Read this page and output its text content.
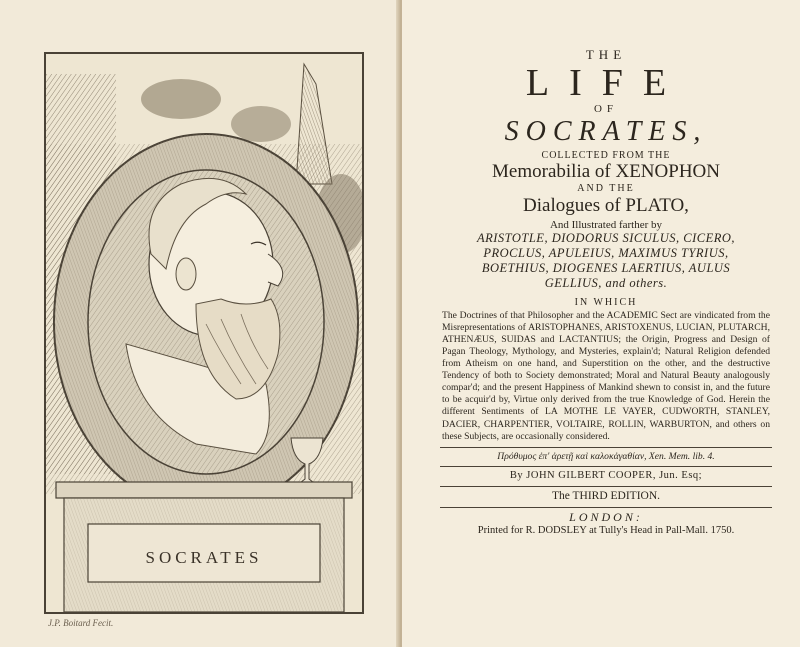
SOCRATES
J.P. Boitard Fecit.

THE

LIFE

OF

SOCRATES,

COLLECTED FROM THE

Memorabilia of XENOPHON

AND THE

Dialogues of PLATO,

And Illustrated farther by

ARISTOTLE, DIODORUS SICULUS, CICERO,

PROCLUS, APULEIUS, MAXIMUS TYRIUS,

BOETHIUS, DIOGENES LAERTIUS, AULUS

GELLIUS, and others.

IN WHICH

The Doctrines of that Philosopher and the ACADEMIC Sect are vindicated from the Misrepresentations of ARISTOPHANES, ARISTOXENUS, LUCIAN, PLUTARCH, ATHENÆUS, SUIDAS and LACTANTIUS; the Origin, Progress and Design of Pagan Theology, Mythology, and Mysteries, explain'd; Natural Religion defended from Atheism on one hand, and Superstition on the other, and the destructive Tendency of both to Society demonstrated; Moral and Natural Beauty analogously compar'd; and the present Happiness of Mankind shewn to consist in, and the future to be acquir'd by, Virtue only derived from the true Knowledge of God. Herein the different Sentiments of LA MOTHE LE VAYER, CUDWORTH, STANLEY, DACIER, CHARPENTIER, VOLTAIRE, ROLLIN, WARBURTON, and others on these Subjects, are occasionally considered.

Πρόθυμος ἐπ' ἀρετῇ καὶ καλοκἀγαθίαν, Xen. Mem. lib. 4.

By JOHN GILBERT COOPER, Jun. Esq;

The THIRD EDITION.

LONDON:

Printed for R. DODSLEY at Tully's Head in Pall-Mall. 1750.
